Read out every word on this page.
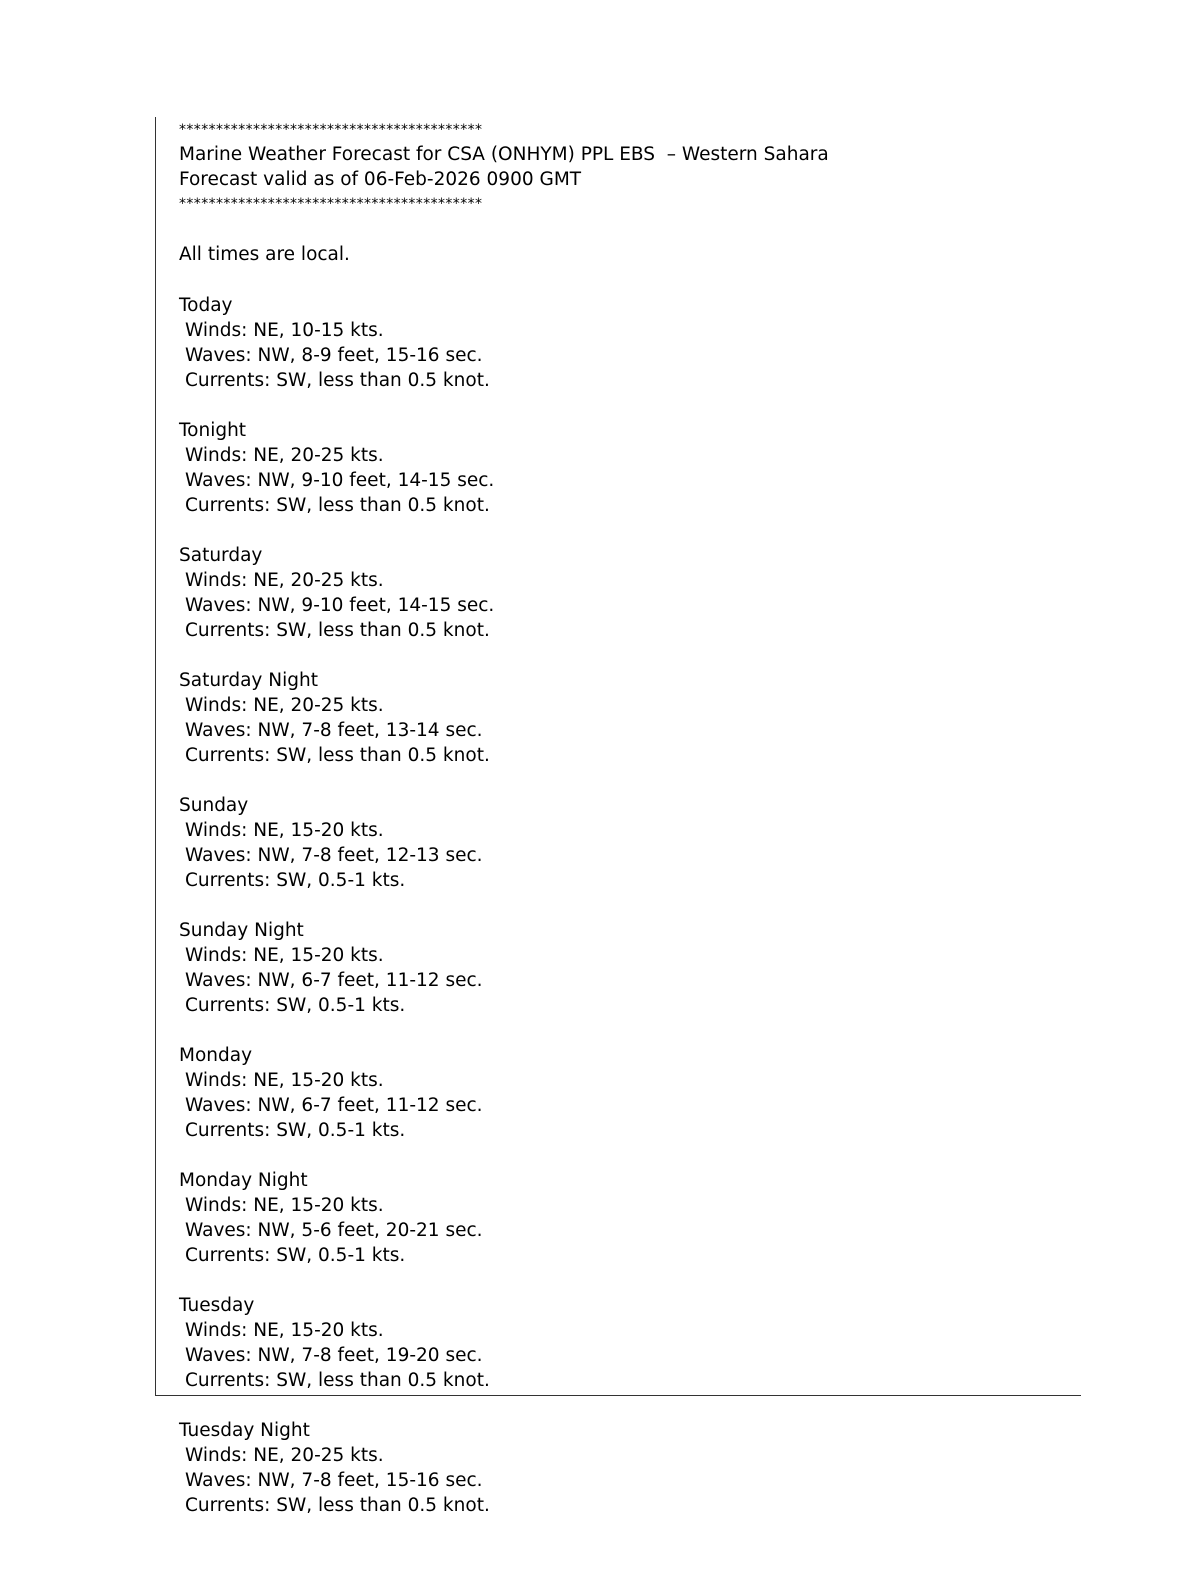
*****************************************
Marine Weather Forecast for CSA (ONHYM) PPL EBS  – Western Sahara
Forecast valid as of 06-Feb-2026 0900 GMT
*****************************************
All times are local.
Today
Winds: NE, 10-15 kts.
Waves: NW, 8-9 feet, 15-16 sec.
Currents: SW, less than 0.5 knot.
Tonight
Winds: NE, 20-25 kts.
Waves: NW, 9-10 feet, 14-15 sec.
Currents: SW, less than 0.5 knot.
Saturday
Winds: NE, 20-25 kts.
Waves: NW, 9-10 feet, 14-15 sec.
Currents: SW, less than 0.5 knot.
Saturday Night
Winds: NE, 20-25 kts.
Waves: NW, 7-8 feet, 13-14 sec.
Currents: SW, less than 0.5 knot.
Sunday
Winds: NE, 15-20 kts.
Waves: NW, 7-8 feet, 12-13 sec.
Currents: SW, 0.5-1 kts.
Sunday Night
Winds: NE, 15-20 kts.
Waves: NW, 6-7 feet, 11-12 sec.
Currents: SW, 0.5-1 kts.
Monday
Winds: NE, 15-20 kts.
Waves: NW, 6-7 feet, 11-12 sec.
Currents: SW, 0.5-1 kts.
Monday Night
Winds: NE, 15-20 kts.
Waves: NW, 5-6 feet, 20-21 sec.
Currents: SW, 0.5-1 kts.
Tuesday
Winds: NE, 15-20 kts.
Waves: NW, 7-8 feet, 19-20 sec.
Currents: SW, less than 0.5 knot.
Tuesday Night
Winds: NE, 20-25 kts.
Waves: NW, 7-8 feet, 15-16 sec.
Currents: SW, less than 0.5 knot.
